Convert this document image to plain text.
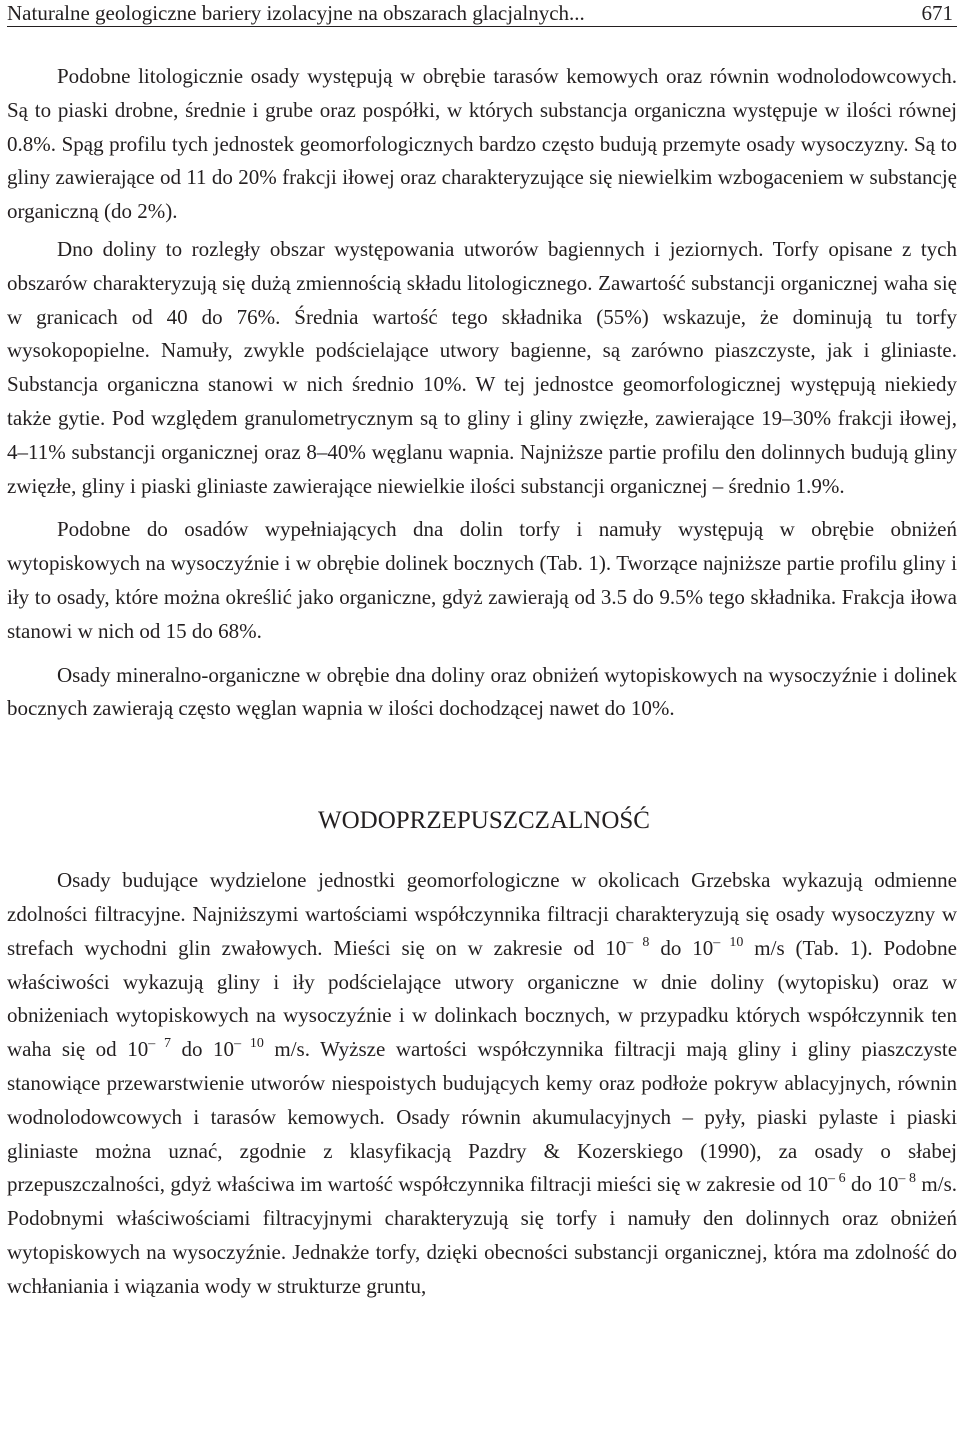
Naturalne geologiczne bariery izolacyjne na obszarach glacjalnych...	671

Podobne litologicznie osady występują w obrębie tarasów kemowych oraz równin wodnolodowcowych. Są to piaski drobne, średnie i grube oraz pospółki, w których substancja organiczna występuje w ilości równej 0.8%. Spąg profilu tych jednostek geomorfologicznych bardzo często budują przemyte osady wysoczyzny. Są to gliny zawierające od 11 do 20% frakcji iłowej oraz charakteryzujące się niewielkim wzbogaceniem w substancję organiczną (do 2%).

Dno doliny to rozległy obszar występowania utworów bagiennych i jeziornych. Torfy opisane z tych obszarów charakteryzują się dużą zmiennością składu litologicznego. Zawartość substancji organicznej waha się w granicach od 40 do 76%. Średnia wartość tego składnika (55%) wskazuje, że dominują tu torfy wysokopopielne. Namuły, zwykle podścielające utwory bagienne, są zarówno piaszczyste, jak i gliniaste. Substancja organiczna stanowi w nich średnio 10%. W tej jednostce geomorfologicznej występują niekiedy także gytie. Pod względem granulometrycznym są to gliny i gliny zwięzłe, zawierające 19–30% frakcji iłowej, 4–11% substancji organicznej oraz 8–40% węglanu wapnia. Najniższe partie profilu den dolinnych budują gliny zwięzłe, gliny i piaski gliniaste zawierające niewielkie ilości substancji organicznej – średnio 1.9%.

Podobne do osadów wypełniających dna dolin torfy i namuły występują w obrębie obniżeń wytopiskowych na wysoczyźnie i w obrębie dolinek bocznych (Tab. 1). Tworzące najniższe partie profilu gliny i iły to osady, które można określić jako organiczne, gdyż zawierają od 3.5 do 9.5% tego składnika. Frakcja iłowa stanowi w nich od 15 do 68%.

Osady mineralno-organiczne w obrębie dna doliny oraz obniżeń wytopiskowych na wysoczyźnie i dolinek bocznych zawierają często węglan wapnia w ilości dochodzącej nawet do 10%.

WODOPRZEPUSZCZALNOŚĆ

Osady budujące wydzielone jednostki geomorfologiczne w okolicach Grzebska wykazują odmienne zdolności filtracyjne. Najniższymi wartościami współczynnika filtracji charakteryzują się osady wysoczyzny w strefach wychodni glin zwałowych. Mieści się on w zakresie od $10^{- 8}$ do $10^{- 10}$ m/s (Tab. 1). Podobne właściwości wykazują gliny i iły podścielające utwory organiczne w dnie doliny (wytopisku) oraz w obniżeniach wytopiskowych na wysoczyźnie i w dolinkach bocznych, w przypadku których współczynnik ten waha się od $10^{- 7}$ do $10^{- 10}$ m/s. Wyższe wartości współczynnika filtracji mają gliny i gliny piaszczyste stanowiące przewarstwienie utworów niespoistych budujących kemy oraz podłoże pokryw ablacyjnych, równin wodnolodowcowych i tarasów kemowych. Osady równin akumulacyjnych – pyły, piaski pylaste i piaski gliniaste można uznać, zgodnie z klasyfikacją Pazdry & Kozerskiego (1990), za osady o słabej przepuszczalności, gdyż właściwa im wartość współczynnika filtracji mieści się w zakresie od $10^{- 6}$ do $10^{- 8}$ m/s. Podobnymi właściwościami filtracyjnymi charakteryzują się torfy i namuły den dolinnych oraz obniżeń wytopiskowych na wysoczyźnie. Jednakże torfy, dzięki obecności substancji organicznej, która ma zdolność do wchłaniania i wiązania wody w strukturze gruntu,
